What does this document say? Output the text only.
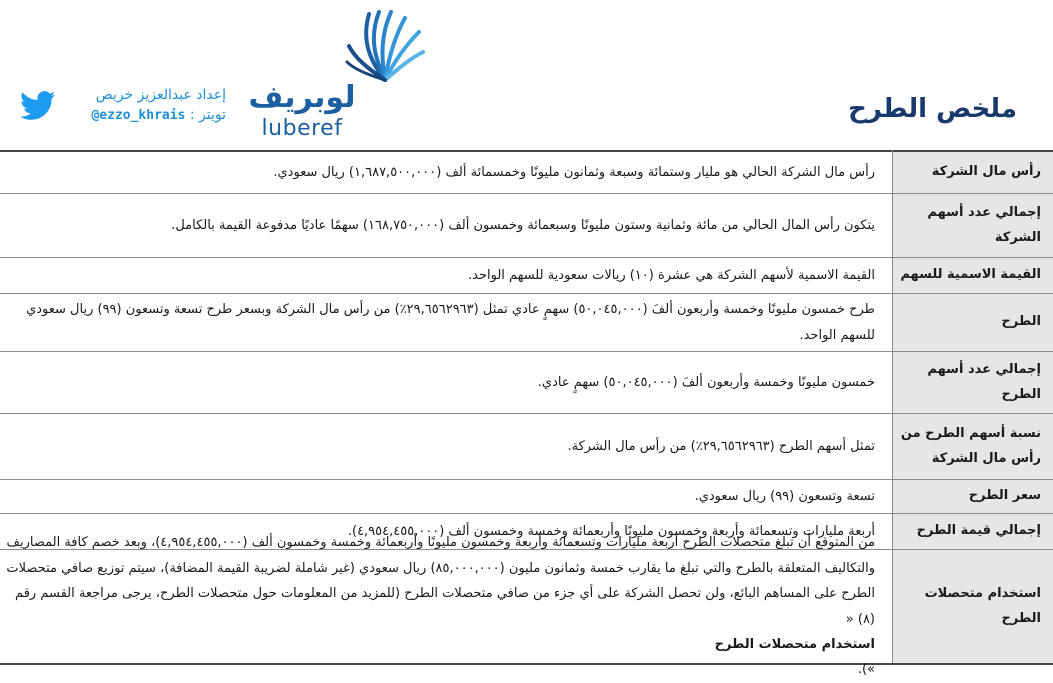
ملخص الطرح
لوبريف
luberef
إعداد عبدالعزيز خريص
تويتر : @ezzo_khrais
رأس مال الشركة
رأس مال الشركة الحالي هو مليار وستمائة وسبعة وثمانون مليونًا وخمسمائة ألف (١,٦٨٧,٥٠٠,٠٠٠) ريال سعودي.
إجمالي عدد أسهم الشركة
يتكون رأس المال الحالي من مائة وثمانية وستون مليونًا وسبعمائة وخمسون ألف (١٦٨,٧٥٠,٠٠٠) سهمًا عاديًا مدفوعة القيمة بالكامل.
القيمة الاسمية للسهم
القيمة الاسمية لأسهم الشركة هي عشرة (١٠) ريالات سعودية للسهم الواحد.
الطرح
طرح خمسون مليونًا وخمسة وأربعون ألفَ (٥٠,٠٤٥,٠٠٠) سهمٍ عادي تمثل (٢٩,٦٥٦٢٩٦٣٪) من رأس مال الشركة وبسعر طرح تسعة وتسعون (٩٩) ريال سعودي للسهم الواحد.
إجمالي عدد أسهم الطرح
خمسون مليونًا وخمسة وأربعون ألفَ (٥٠,٠٤٥,٠٠٠) سهمٍ عادي.
نسبة أسهم الطرح من رأس مال الشركة
تمثل أسهم الطرح (٢٩,٦٥٦٢٩٦٣٪) من رأس مال الشركة.
سعر الطرح
تسعة وتسعون (٩٩) ريال سعودي.
إجمالي قيمة الطرح
أربعة مليارات وتسعمائة وأربعة وخمسون مليونًا وأربعمائة وخمسة وخمسون ألف (٤,٩٥٤,٤٥٥,٠٠٠).
استخدام متحصلات الطرح
من المتوقع أن تبلغ متحصلات الطرح أربعة مليارات وتسعمائة وأربعة وخمسون مليونًا وأربعمائة وخمسة وخمسون ألف (٤,٩٥٤,٤٥٥,٠٠٠)، وبعد خصم كافة المصاريف والتكاليف المتعلقة بالطرح والتي تبلغ ما يقارب خمسة وثمانون مليون (٨٥,٠٠٠,٠٠٠) ريال سعودي (غير شاملة لضريبة القيمة المضافة)، سيتم توزيع صافي متحصلات الطرح على المساهم البائع، ولن تحصل الشركة على أي جزء من صافي متحصلات الطرح (للمزيد من المعلومات حول متحصلات الطرح، يرجى مراجعة القسم رقم (٨) «
استخدام متحصلات الطرح
»).
